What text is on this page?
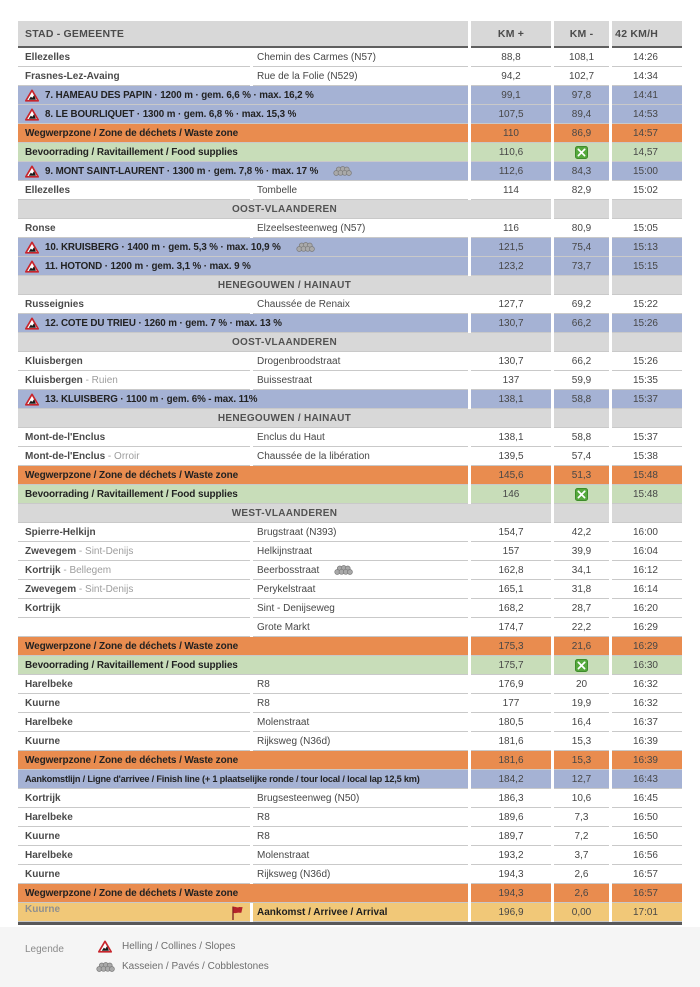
STAD - GEMEENTE		KM +	KM -	42 KM/H
Ellezelles	Chemin des Carmes (N57)	88,8	108,1	14:26
Frasnes-Lez-Avaing	Rue de la Folie (N529)	94,2	102,7	14:34
7. HAMEAU DES PAPIN · 1200 m · gem. 6,6 % · max. 16,2 %		99,1	97,8	14:41
8. LE BOURLIQUET · 1300 m · gem. 6,8 % · max. 15,3 %		107,5	89,4	14:53
Wegwerpzone / Zone de déchets / Waste zone		110	86,9	14:57
Bevoorrading / Ravitaillement / Food supplies		110,6		14,57
9. MONT SAINT-LAURENT · 1300 m · gem. 7,8 % · max. 17 %		112,6	84,3	15:00
Ellezelles	Tombelle	114	82,9	15:02
OOST-VLAANDEREN				
Ronse	Elzeelsesteenweg (N57)	116	80,9	15:05
10. KRUISBERG · 1400 m · gem. 5,3 % · max. 10,9 %		121,5	75,4	15:13
11. HOTOND · 1200 m · gem. 3,1 % · max. 9 %		123,2	73,7	15:15
HENEGOUWEN / HAINAUT				
Russeignies	Chaussée de Renaix	127,7	69,2	15:22
12. COTE DU TRIEU · 1260 m · gem. 7 % · max. 13 %		130,7	66,2	15:26
OOST-VLAANDEREN				
Kluisbergen	Drogenbroodstraat	130,7	66,2	15:26
Kluisbergen - Ruien	Buissestraat	137	59,9	15:35
13. KLUISBERG · 1100 m · gem. 6% - max. 11%		138,1	58,8	15:37
HENEGOUWEN / HAINAUT				
Mont-de-l'Enclus	Enclus du Haut	138,1	58,8	15:37
Mont-de-l'Enclus - Orroir	Chaussée de la libération	139,5	57,4	15:38
Wegwerpzone / Zone de déchets / Waste zone		145,6	51,3	15:48
Bevoorrading / Ravitaillement / Food supplies		146		15:48
WEST-VLAANDEREN				
Spierre-Helkijn	Brugstraat (N393)	154,7	42,2	16:00
Zwevegem - Sint-Denijs	Helkijnstraat	157	39,9	16:04
Kortrijk - Bellegem	Beerbosstraat	162,8	34,1	16:12
Zwevegem - Sint-Denijs	Perykelstraat	165,1	31,8	16:14
Kortrijk	Sint - Denijseweg	168,2	28,7	16:20
	Grote Markt	174,7	22,2	16:29
Wegwerpzone / Zone de déchets / Waste zone		175,3	21,6	16:29
Bevoorrading / Ravitaillement / Food supplies		175,7		16:30
Harelbeke	R8	176,9	20	16:32
Kuurne	R8	177	19,9	16:32
Harelbeke	Molenstraat	180,5	16,4	16:37
Kuurne	Rijksweg (N36d)	181,6	15,3	16:39
Wegwerpzone / Zone de déchets / Waste zone		181,6	15,3	16:39
Aankomstlijn / Ligne d'arrivee / Finish line (+ 1 plaatselijke ronde / tour local / local lap 12,5 km)		184,2	12,7	16:43
Kortrijk	Brugsesteenweg (N50)	186,3	10,6	16:45
Harelbeke	R8	189,6	7,3	16:50
Kuurne	R8	189,7	7,2	16:50
Harelbeke	Molenstraat	193,2	3,7	16:56
Kuurne	Rijksweg (N36d)	194,3	2,6	16:57
Wegwerpzone / Zone de déchets / Waste zone		194,3	2,6	16:57
Kuurne	Aankomst / Arrivee / Arrival	196,9	0,00	17:01
Legende	Helling / Collines / Slopes
Kasseien / Pavés / Cobblestones
